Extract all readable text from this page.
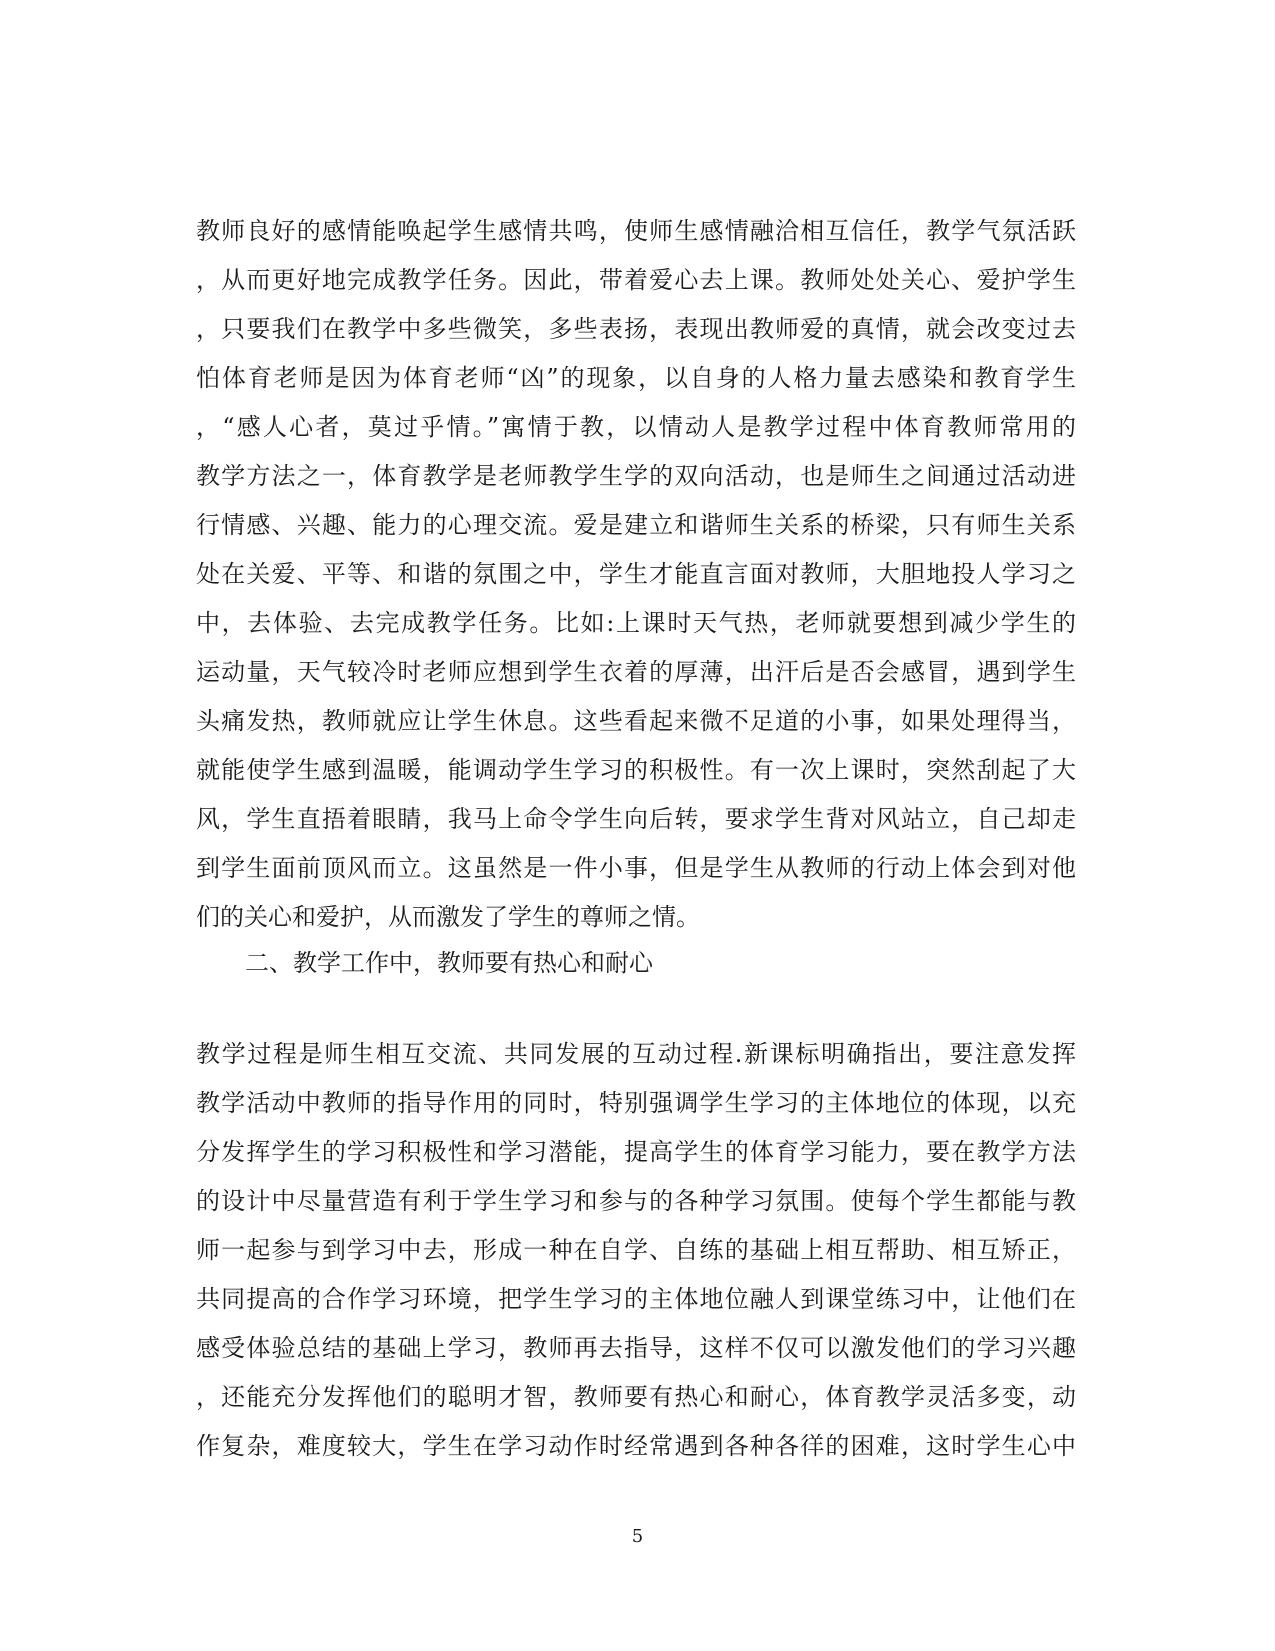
教师良好的感情能唤起学生感情共鸣，使师生感情融洽相互信任，教学气氛活跃
，从而更好地完成教学任务。因此，带着爱心去上课。教师处处关心、爱护学生
，只要我们在教学中多些微笑，多些表扬，表现出教师爱的真情，就会改变过去
怕体育老师是因为体育老师“凶”的现象，以自身的人格力量去感染和教育学生
，“感人心者，莫过乎情。”寓情于教，以情动人是教学过程中体育教师常用的
教学方法之一，体育教学是老师教学生学的双向活动，也是师生之间通过活动进
行情感、兴趣、能力的心理交流。爱是建立和谐师生关系的桥梁，只有师生关系
处在关爱、平等、和谐的氛围之中，学生才能直言面对教师，大胆地投人学习之
中，去体验、去完成教学任务。比如:上课时天气热，老师就要想到减少学生的
运动量，天气较冷时老师应想到学生衣着的厚薄，出汗后是否会感冒，遇到学生
头痛发热，教师就应让学生休息。这些看起来微不足道的小事，如果处理得当，
就能使学生感到温暖，能调动学生学习的积极性。有一次上课时，突然刮起了大
风，学生直捂着眼睛，我马上命令学生向后转，要求学生背对风站立，自己却走
到学生面前顶风而立。这虽然是一件小事，但是学生从教师的行动上体会到对他
们的关心和爱护，从而激发了学生的尊师之情。
二、教学工作中，教师要有热心和耐心
教学过程是师生相互交流、共同发展的互动过程.新课标明确指出，要注意发挥
教学活动中教师的指导作用的同时，特别强调学生学习的主体地位的体现，以充
分发挥学生的学习积极性和学习潜能，提高学生的体育学习能力，要在教学方法
的设计中尽量营造有利于学生学习和参与的各种学习氛围。使每个学生都能与教
师一起参与到学习中去，形成一种在自学、自练的基础上相互帮助、相互矫正，
共同提高的合作学习环境，把学生学习的主体地位融人到课堂练习中，让他们在
感受体验总结的基础上学习，教师再去指导，这样不仅可以激发他们的学习兴趣
，还能充分发挥他们的聪明才智，教师要有热心和耐心，体育教学灵活多变，动
作复杂，难度较大，学生在学习动作时经常遇到各种各徉的困难，这时学生心中
5
